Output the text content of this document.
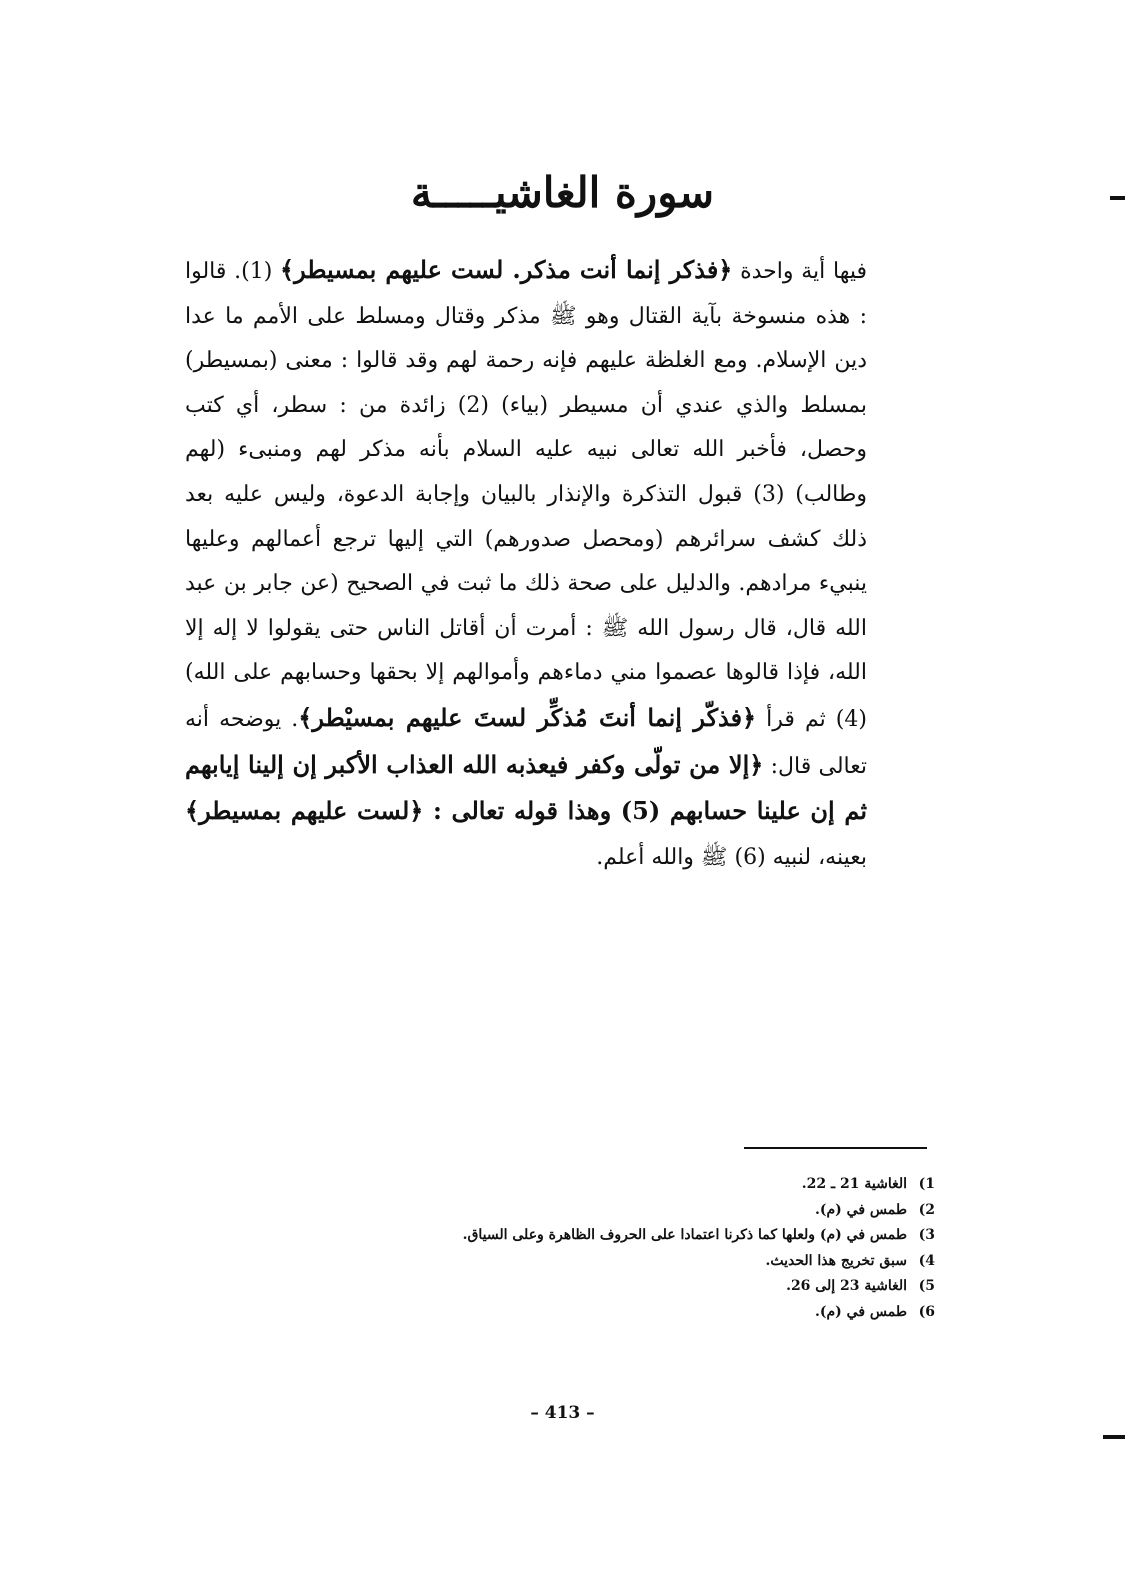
سورة الغاشيـــــة

فيها أية واحدة ﴿فذكر إنما أنت مذكر. لست عليهم بمسيطر﴾ (1). قالوا : هذه منسوخة بآية القتال وهو ﷺ مذكر وقتال ومسلط على الأمم ما عدا دين الإسلام. ومع الغلظة عليهم فإنه رحمة لهم وقد قالوا : معنى (بمسيطر) بمسلط والذي عندي أن مسيطر (بياء) (2) زائدة من : سطر، أي كتب وحصل، فأخبر الله تعالى نبيه عليه السلام بأنه مذكر لهم ومنبىء (لهم وطالب) (3) قبول التذكرة والإنذار بالبيان وإجابة الدعوة، وليس عليه بعد ذلك كشف سرائرهم (ومحصل صدورهم) التي إليها ترجع أعمالهم وعليها ينبيء مرادهم. والدليل على صحة ذلك ما ثبت في الصحيح (عن جابر بن عبد الله قال، قال رسول الله ﷺ : أمرت أن أقاتل الناس حتى يقولوا لا إله إلا الله، فإذا قالوها عصموا مني دماءهم وأموالهم إلا بحقها وحسابهم على الله) (4) ثم قرأ ﴿فذكّر إنما أنتَ مُذكِّر لستَ عليهم بمسيْطر﴾. يوضحه أنه تعالى قال: ﴿إلا من تولّى وكفر فيعذبه الله العذاب الأكبر إن إلينا إيابهم ثم إن علينا حسابهم (5) وهذا قوله تعالى : ﴿لست عليهم بمسيطر﴾ بعينه، لنبيه (6) ﷺ والله أعلم.

1)
الغاشية 21 ـ 22.
2)
طمس في (م).
3)
طمس في (م) ولعلها كما ذكرنا اعتمادا على الحروف الظاهرة وعلى السياق.
4)
سبق تخريج هذا الحديث.
5)
الغاشية 23 إلى 26.
6)
طمس في (م).
– 413 –
